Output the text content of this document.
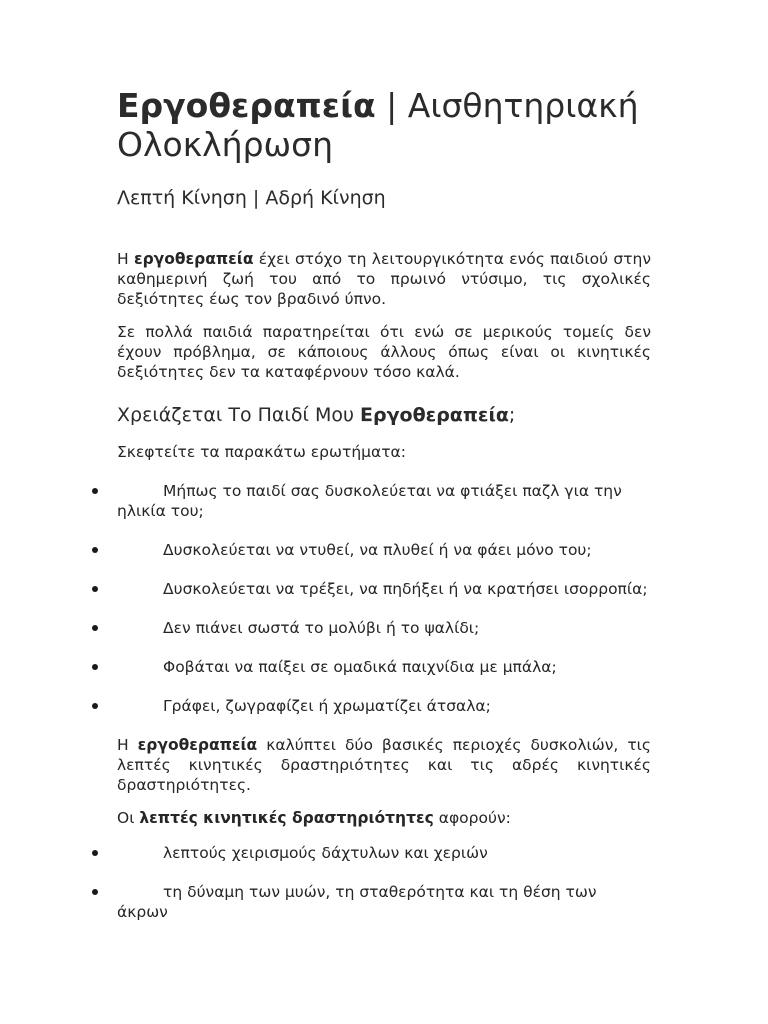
Εργοθεραπεία | Αισθητηριακή Ολοκλήρωση
Λεπτή Κίνηση | Αδρή Κίνηση

Η εργοθεραπεία έχει στόχο τη λειτουργικότητα ενός παιδιού στην καθημερινή ζωή του από το πρωινό ντύσιμο, τις σχολικές δεξιότητες έως τον βραδινό ύπνο.

Σε πολλά παιδιά παρατηρείται ότι ενώ σε μερικούς τομείς δεν έχουν πρόβλημα, σε κάποιους άλλους όπως είναι οι κινητικές δεξιότητες δεν τα καταφέρνουν τόσο καλά.

Χρειάζεται Το Παιδί Μου Εργοθεραπεία;

Σκεφτείτε τα παρακάτω ερωτήματα:

Μήπως το παιδί σας δυσκολεύεται να φτιάξει παζλ για την ηλικία του;
Δυσκολεύεται να ντυθεί, να πλυθεί ή να φάει μόνο του;
Δυσκολεύεται να τρέξει, να πηδήξει ή να κρατήσει ισορροπία;
Δεν πιάνει σωστά το μολύβι ή το ψαλίδι;
Φοβάται να παίξει σε ομαδικά παιχνίδια με μπάλα;
Γράφει, ζωγραφίζει ή χρωματίζει άτσαλα;

Η εργοθεραπεία καλύπτει δύο βασικές περιοχές δυσκολιών, τις λεπτές κινητικές δραστηριότητες και τις αδρές κινητικές δραστηριότητες.

Οι λεπτές κινητικές δραστηριότητες αφορούν:

λεπτούς χειρισμούς δάχτυλων και χεριών
τη δύναμη των μυών, τη σταθερότητα και τη θέση των άκρων
